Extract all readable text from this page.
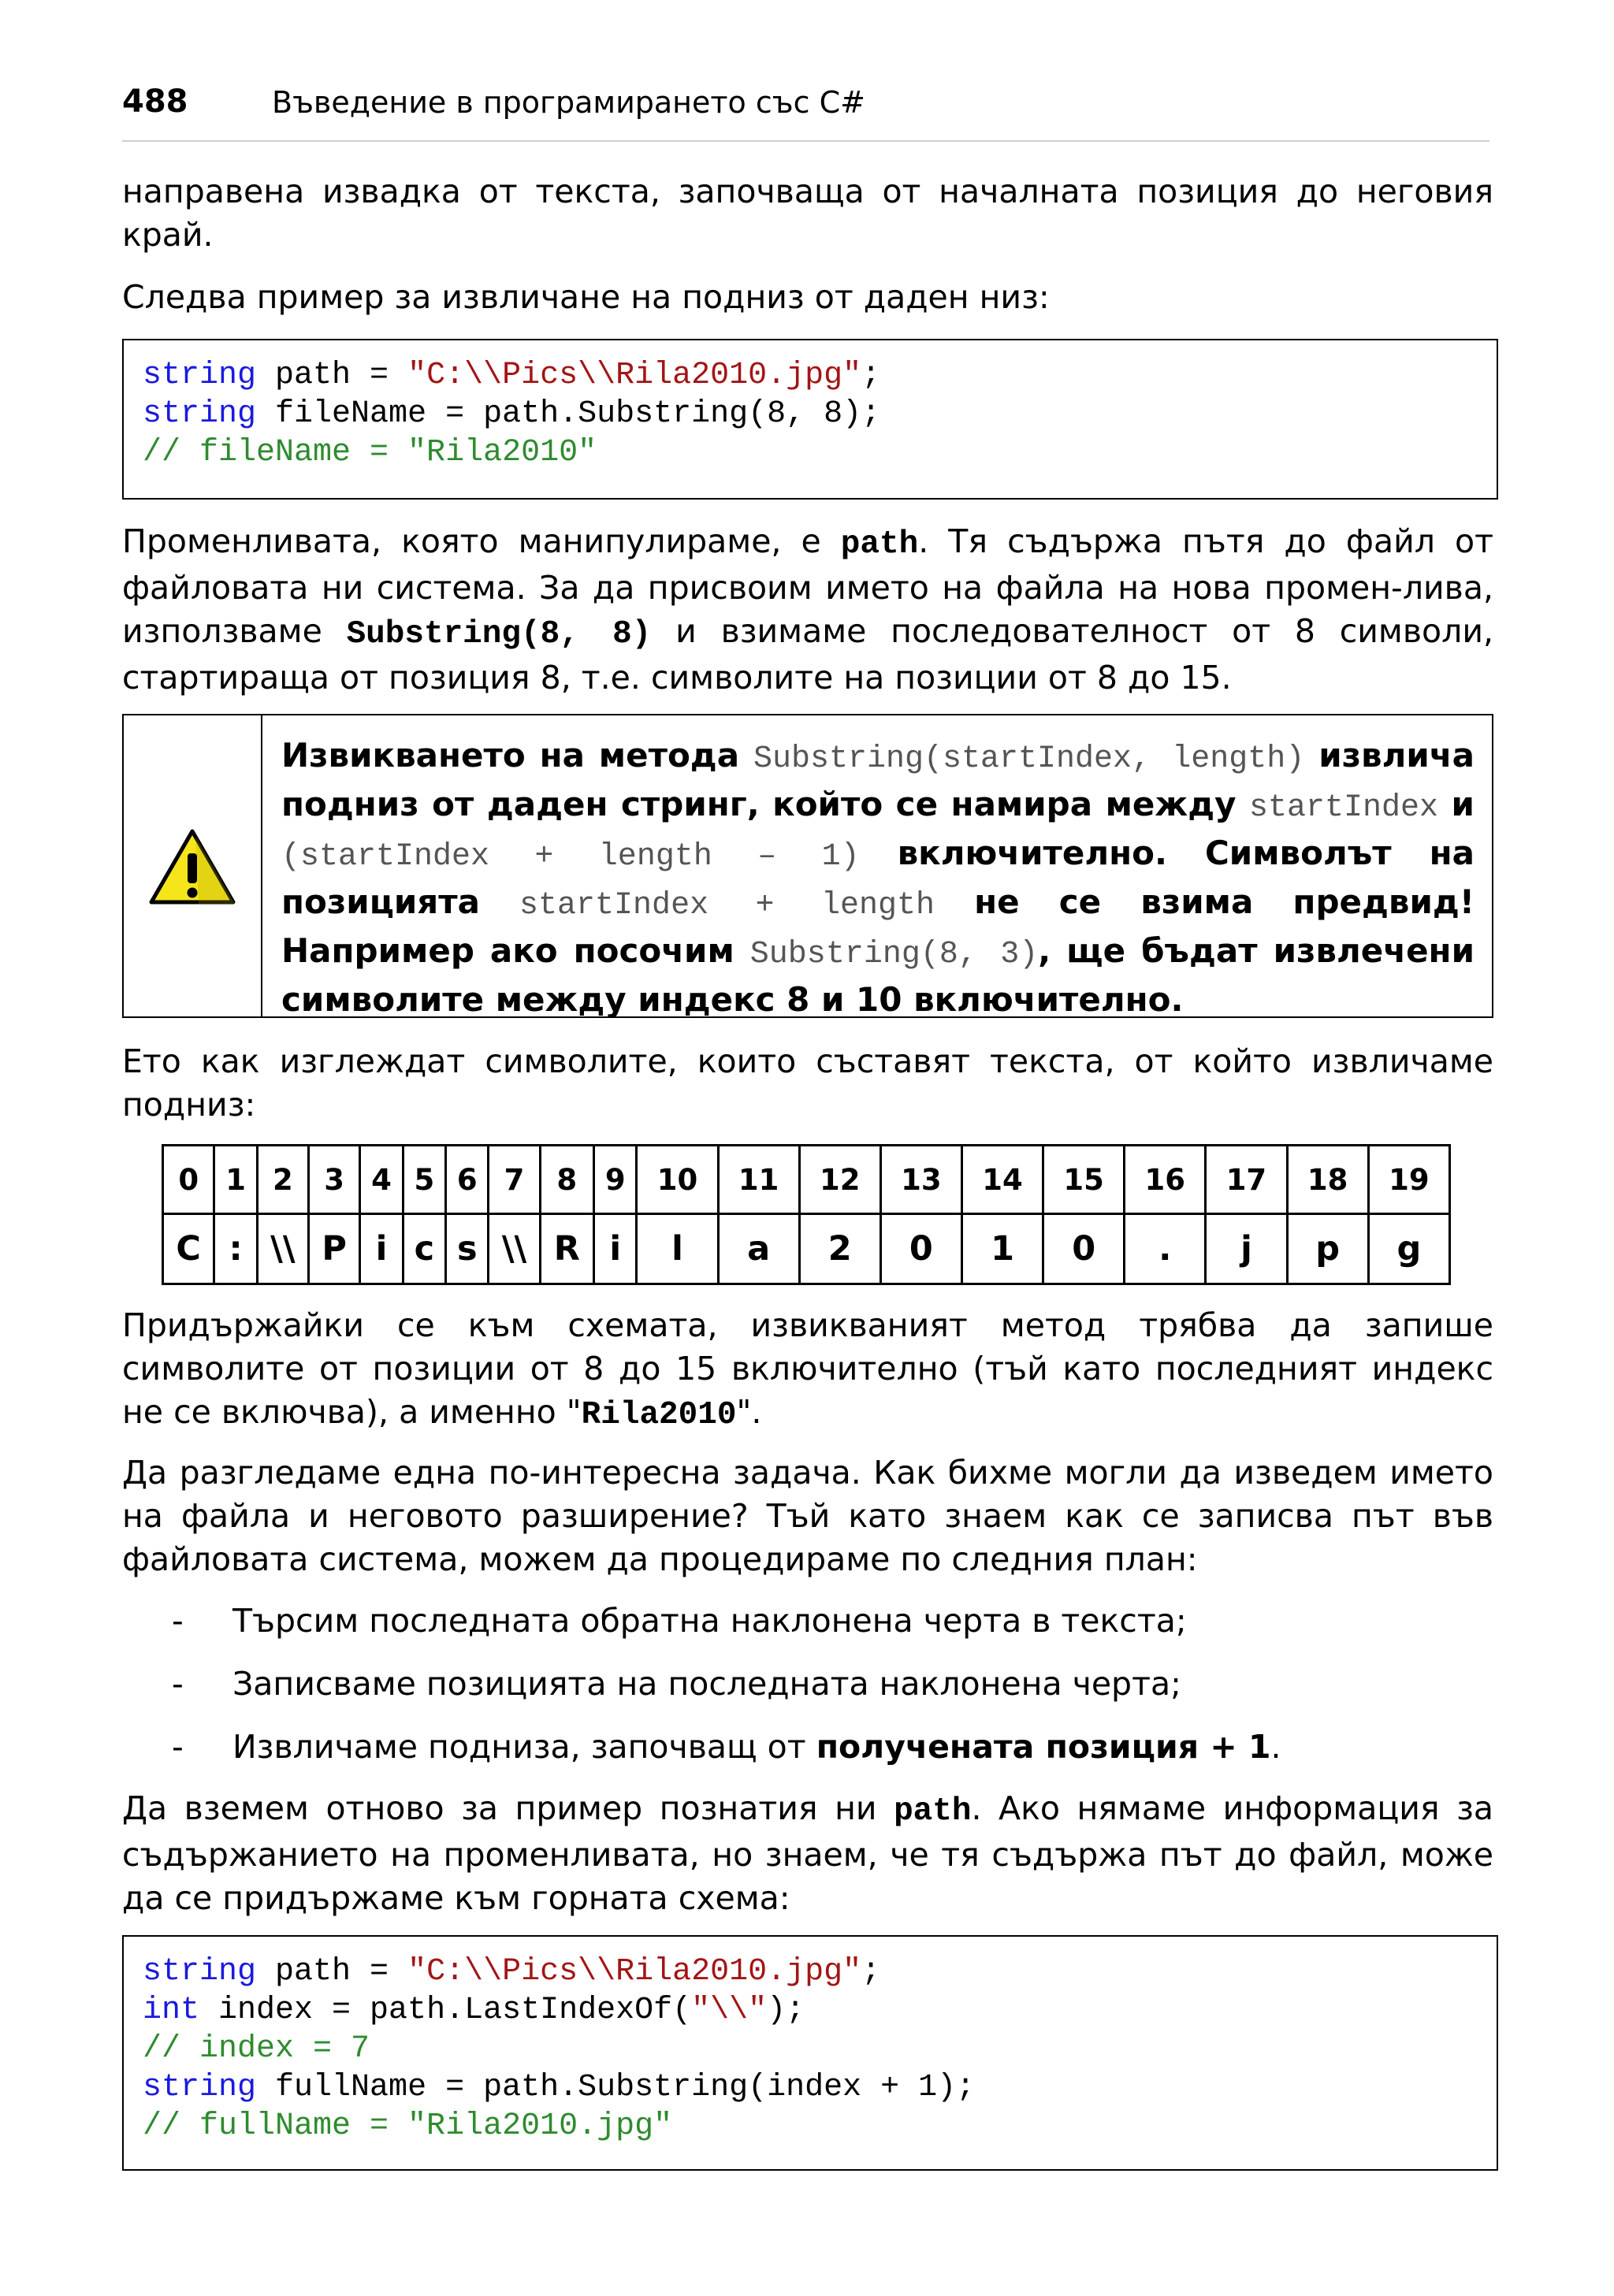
488	Въведение в програмирането със C#

направена извадка от текста, започваща от началната позиция до неговия край.

Следва пример за извличане на подниз от даден низ:

string path = "C:\\Pics\\Rila2010.jpg";
string fileName = path.Substring(8, 8);
// fileName = "Rila2010"

Променливата, която манипулираме, е path. Тя съдържа пътя до файл от файловата ни система. За да присвоим името на файла на нова промен-лива, използваме Substring(8, 8) и взимаме последователност от 8 символи, стартираща от позиция 8, т.е. символите на позиции от 8 до 15.

Извикването на метода Substring(startIndex, length) извлича подниз от даден стринг, който се намира между startIndex и (startIndex + length – 1) включително. Символът на позицията startIndex + length не се взима предвид! Например ако посочим Substring(8, 3), ще бъдат извлечени символите между индекс 8 и 10 включително.

Ето как изглеждат символите, които съставят текста, от който извличаме подниз:

0	1	2	3	4	5	6	7	8	9	10	11	12	13	14	15	16	17	18	19
C	:	\\	P	i	c	s	\\	R	i	l	a	2	0	1	0	.	j	p	g

Придържайки се към схемата, извикваният метод трябва да запише символите от позиции от 8 до 15 включително (тъй като последният индекс не се включва), а именно "Rila2010".

Да разгледаме една по-интересна задача. Как бихме могли да изведем името на файла и неговото разширение? Тъй като знаем как се записва път във файловата система, можем да процедираме по следния план:

- Търсим последната обратна наклонена черта в текста;
- Записваме позицията на последната наклонена черта;
- Извличаме подниза, започващ от получената позиция + 1.

Да вземем отново за пример познатия ни path. Ако нямаме информация за съдържанието на променливата, но знаем, че тя съдържа път до файл, може да се придържаме към горната схема:

string path = "C:\\Pics\\Rila2010.jpg";
int index = path.LastIndexOf("\\");
// index = 7
string fullName = path.Substring(index + 1);
// fullName = "Rila2010.jpg"
